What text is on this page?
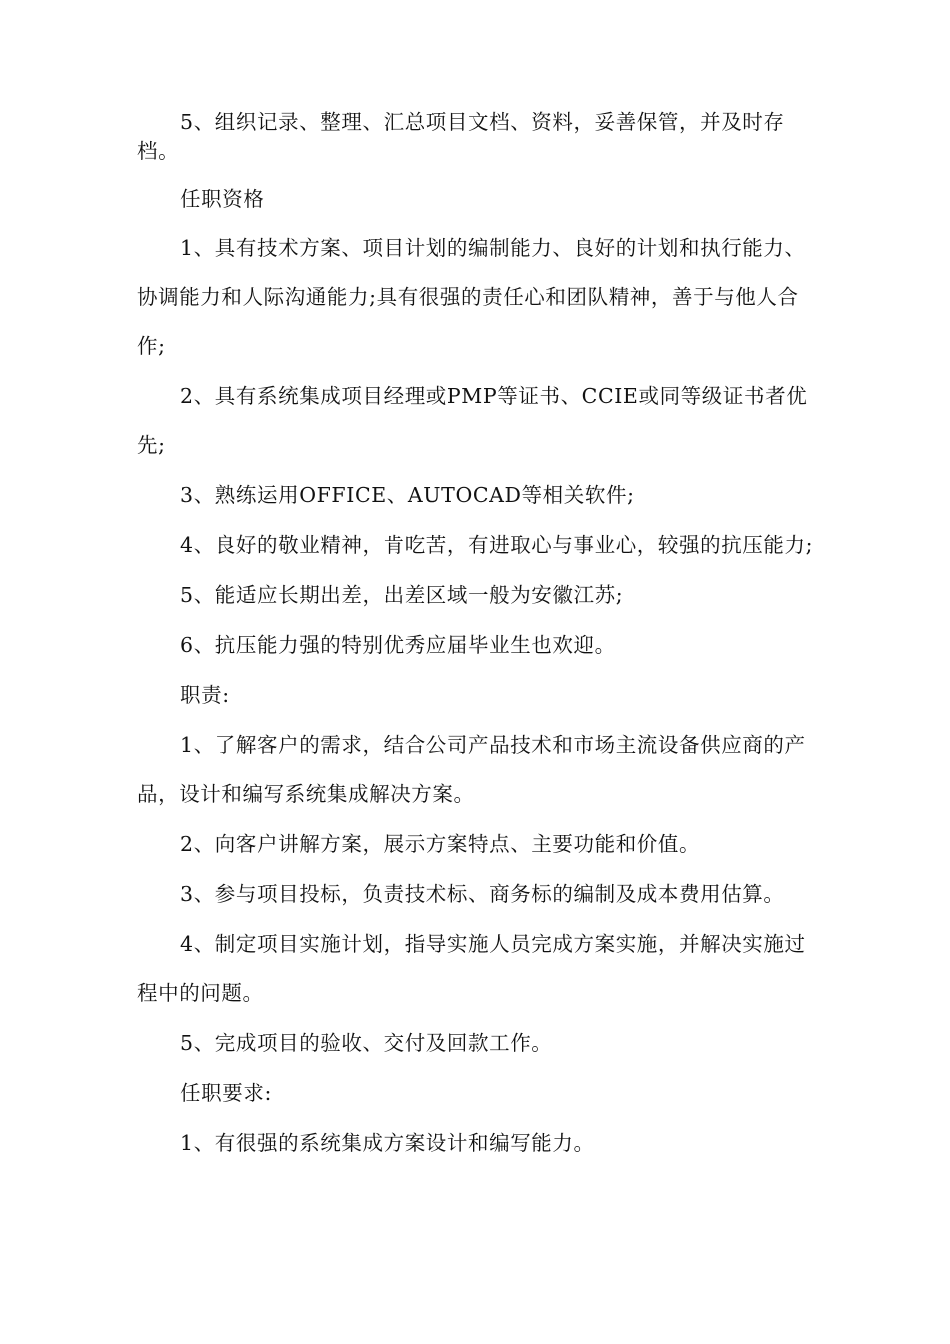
5、组织记录、整理、汇总项目文档、资料，妥善保管，并及时存档。

任职资格

1、具有技术方案、项目计划的编制能力、良好的计划和执行能力、协调能力和人际沟通能力;具有很强的责任心和团队精神，善于与他人合作;

2、具有系统集成项目经理或PMP等证书、CCIE或同等级证书者优先;

3、熟练运用OFFICE、AUTOCAD等相关软件;

4、良好的敬业精神，肯吃苦，有进取心与事业心，较强的抗压能力;

5、能适应长期出差，出差区域一般为安徽江苏;

6、抗压能力强的特别优秀应届毕业生也欢迎。

职责:

1、了解客户的需求，结合公司产品技术和市场主流设备供应商的产品，设计和编写系统集成解决方案。

2、向客户讲解方案，展示方案特点、主要功能和价值。

3、参与项目投标，负责技术标、商务标的编制及成本费用估算。

4、制定项目实施计划，指导实施人员完成方案实施，并解决实施过程中的问题。

5、完成项目的验收、交付及回款工作。

任职要求:

1、有很强的系统集成方案设计和编写能力。
